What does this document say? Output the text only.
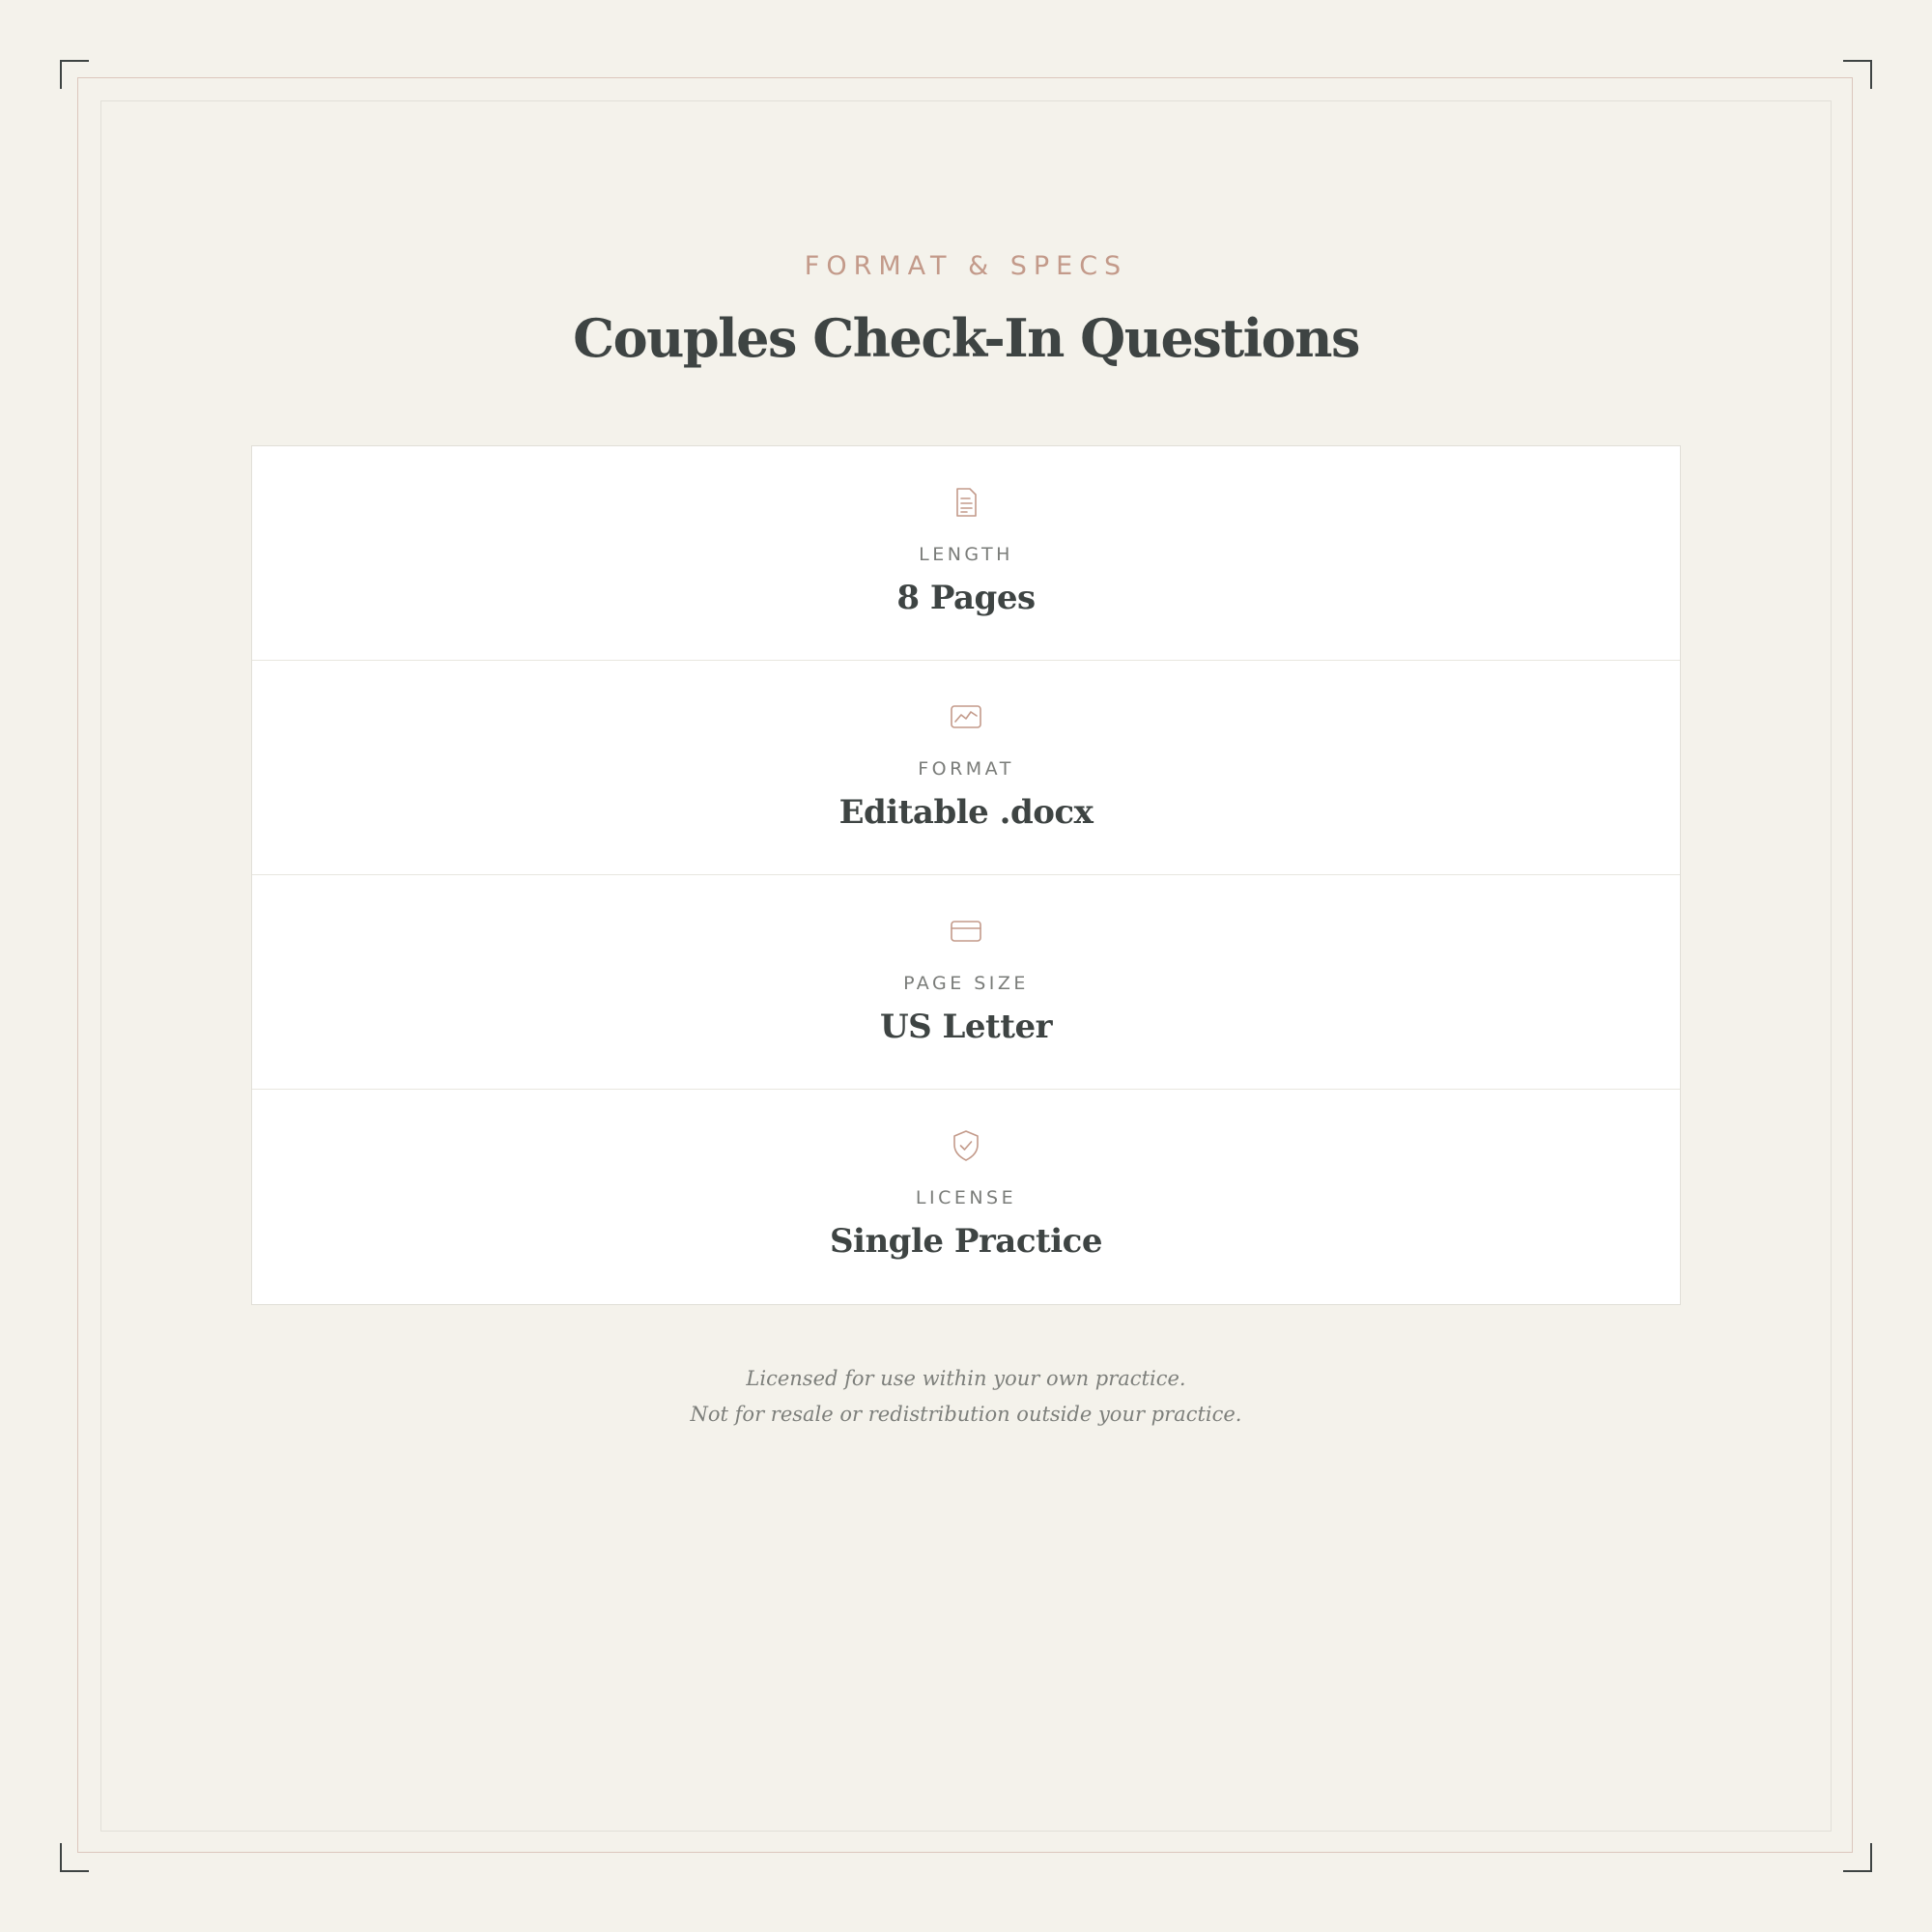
FORMAT & SPECS
Couples Check-In Questions
LENGTH
8 Pages
FORMAT
Editable .docx
PAGE SIZE
US Letter
LICENSE
Single Practice
Licensed for use within your own practice.
Not for resale or redistribution outside your practice.
